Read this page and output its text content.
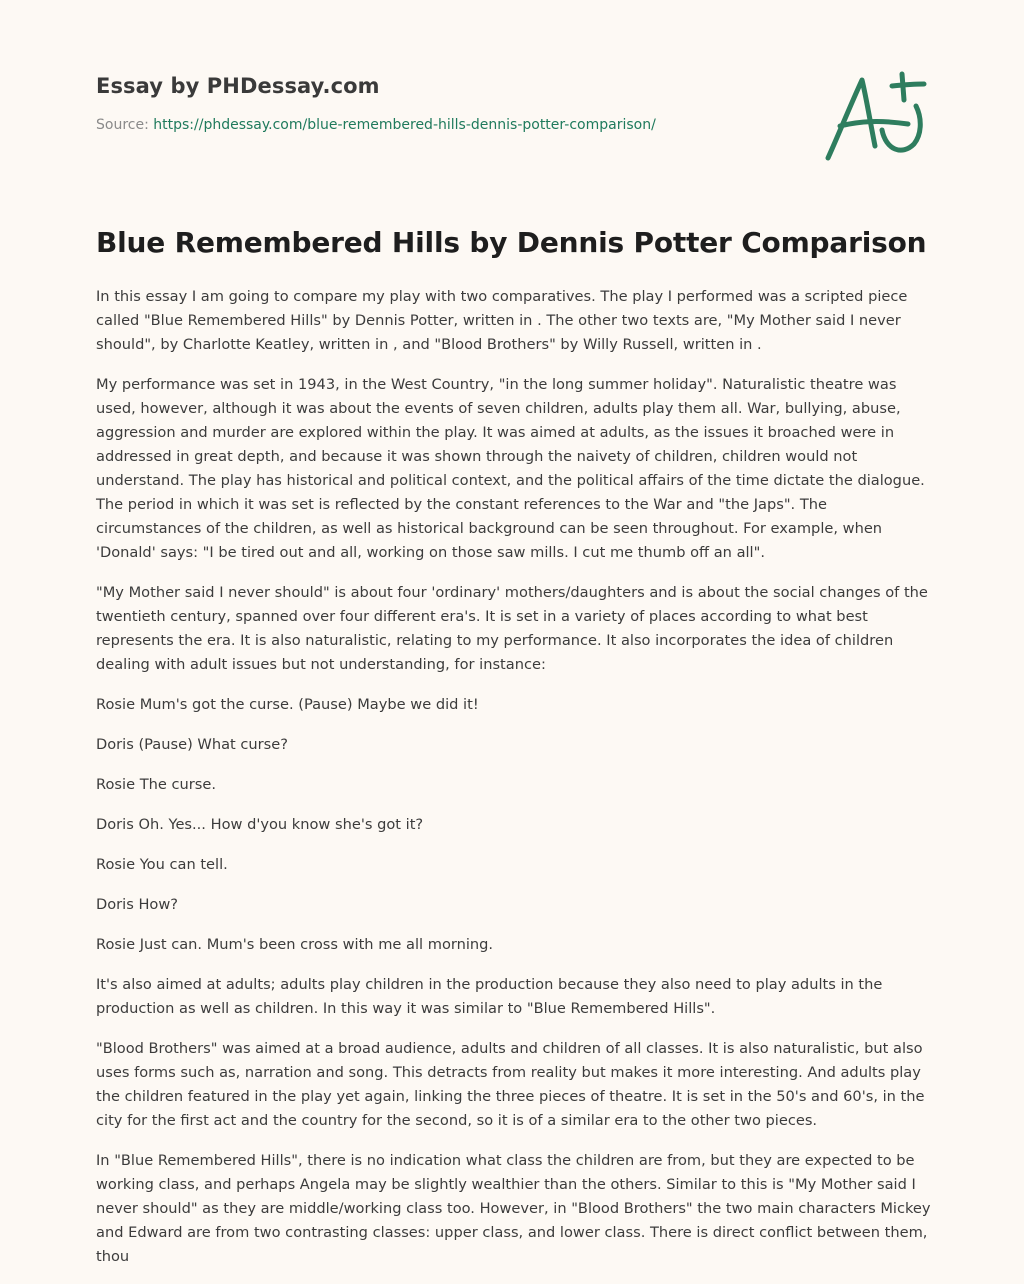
Essay by PHDessay.com
Source: https://phdessay.com/blue-remembered-hills-dennis-potter-comparison/
Blue Remembered Hills by Dennis Potter Comparison

In this essay I am going to compare my play with two comparatives. The play I performed was a scripted piece called "Blue Remembered Hills" by Dennis Potter, written in . The other two texts are, "My Mother said I never should", by Charlotte Keatley, written in , and "Blood Brothers" by Willy Russell, written in .

My performance was set in 1943, in the West Country, "in the long summer holiday". Naturalistic theatre was used, however, although it was about the events of seven children, adults play them all. War, bullying, abuse, aggression and murder are explored within the play. It was aimed at adults, as the issues it broached were in addressed in great depth, and because it was shown through the naivety of children, children would not understand. The play has historical and political context, and the political affairs of the time dictate the dialogue. The period in which it was set is reflected by the constant references to the War and "the Japs". The circumstances of the children, as well as historical background can be seen throughout. For example, when 'Donald' says: "I be tired out and all, working on those saw mills. I cut me thumb off an all".

"My Mother said I never should" is about four 'ordinary' mothers/daughters and is about the social changes of the twentieth century, spanned over four different era's. It is set in a variety of places according to what best represents the era. It is also naturalistic, relating to my performance. It also incorporates the idea of children dealing with adult issues but not understanding, for instance:

Rosie Mum's got the curse. (Pause) Maybe we did it!

Doris (Pause) What curse?

Rosie The curse.

Doris Oh. Yes... How d'you know she's got it?

Rosie You can tell.

Doris How?

Rosie Just can. Mum's been cross with me all morning.

It's also aimed at adults; adults play children in the production because they also need to play adults in the production as well as children. In this way it was similar to "Blue Remembered Hills".

"Blood Brothers" was aimed at a broad audience, adults and children of all classes. It is also naturalistic, but also uses forms such as, narration and song. This detracts from reality but makes it more interesting. And adults play the children featured in the play yet again, linking the three pieces of theatre. It is set in the 50's and 60's, in the city for the first act and the country for the second, so it is of a similar era to the other two pieces.

In "Blue Remembered Hills", there is no indication what class the children are from, but they are expected to be working class, and perhaps Angela may be slightly wealthier than the others. Similar to this is "My Mother said I never should" as they are middle/working class too. However, in "Blood Brothers" the two main characters Mickey and Edward are from two contrasting classes: upper class, and lower class. There is direct conflict between them, thou
